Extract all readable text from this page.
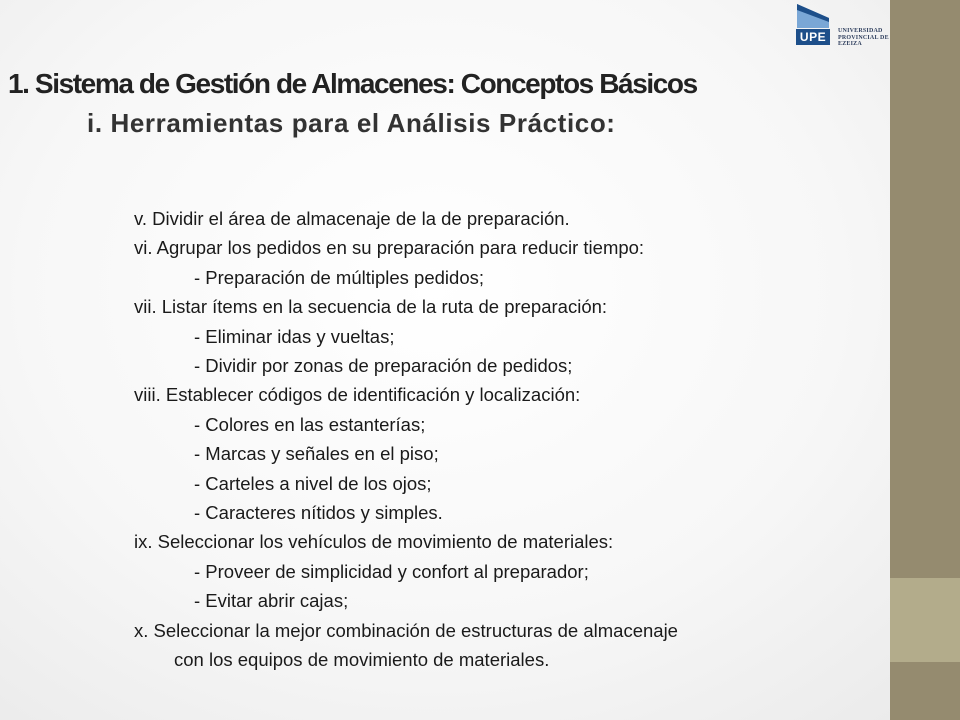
UPE	UNIVERSIDAD PROVINCIAL DE EZEIZA
1. Sistema de Gestión de Almacenes: Conceptos Básicos
i. Herramientas para el Análisis Práctico:
v. Dividir el área de almacenaje de la de preparación.
vi. Agrupar los pedidos en su preparación para reducir tiempo:
- Preparación de múltiples pedidos;
vii. Listar ítems en la secuencia de la ruta de preparación:
- Eliminar idas y vueltas;
- Dividir por zonas de preparación de pedidos;
viii. Establecer códigos de identificación y localización:
- Colores en las estanterías;
- Marcas y señales en el piso;
- Carteles a nivel de los ojos;
- Caracteres nítidos y simples.
ix. Seleccionar los vehículos de movimiento de materiales:
- Proveer de simplicidad y confort al preparador;
- Evitar abrir cajas;
x. Seleccionar la mejor combinación de estructuras de almacenaje
con los equipos de movimiento de materiales.
